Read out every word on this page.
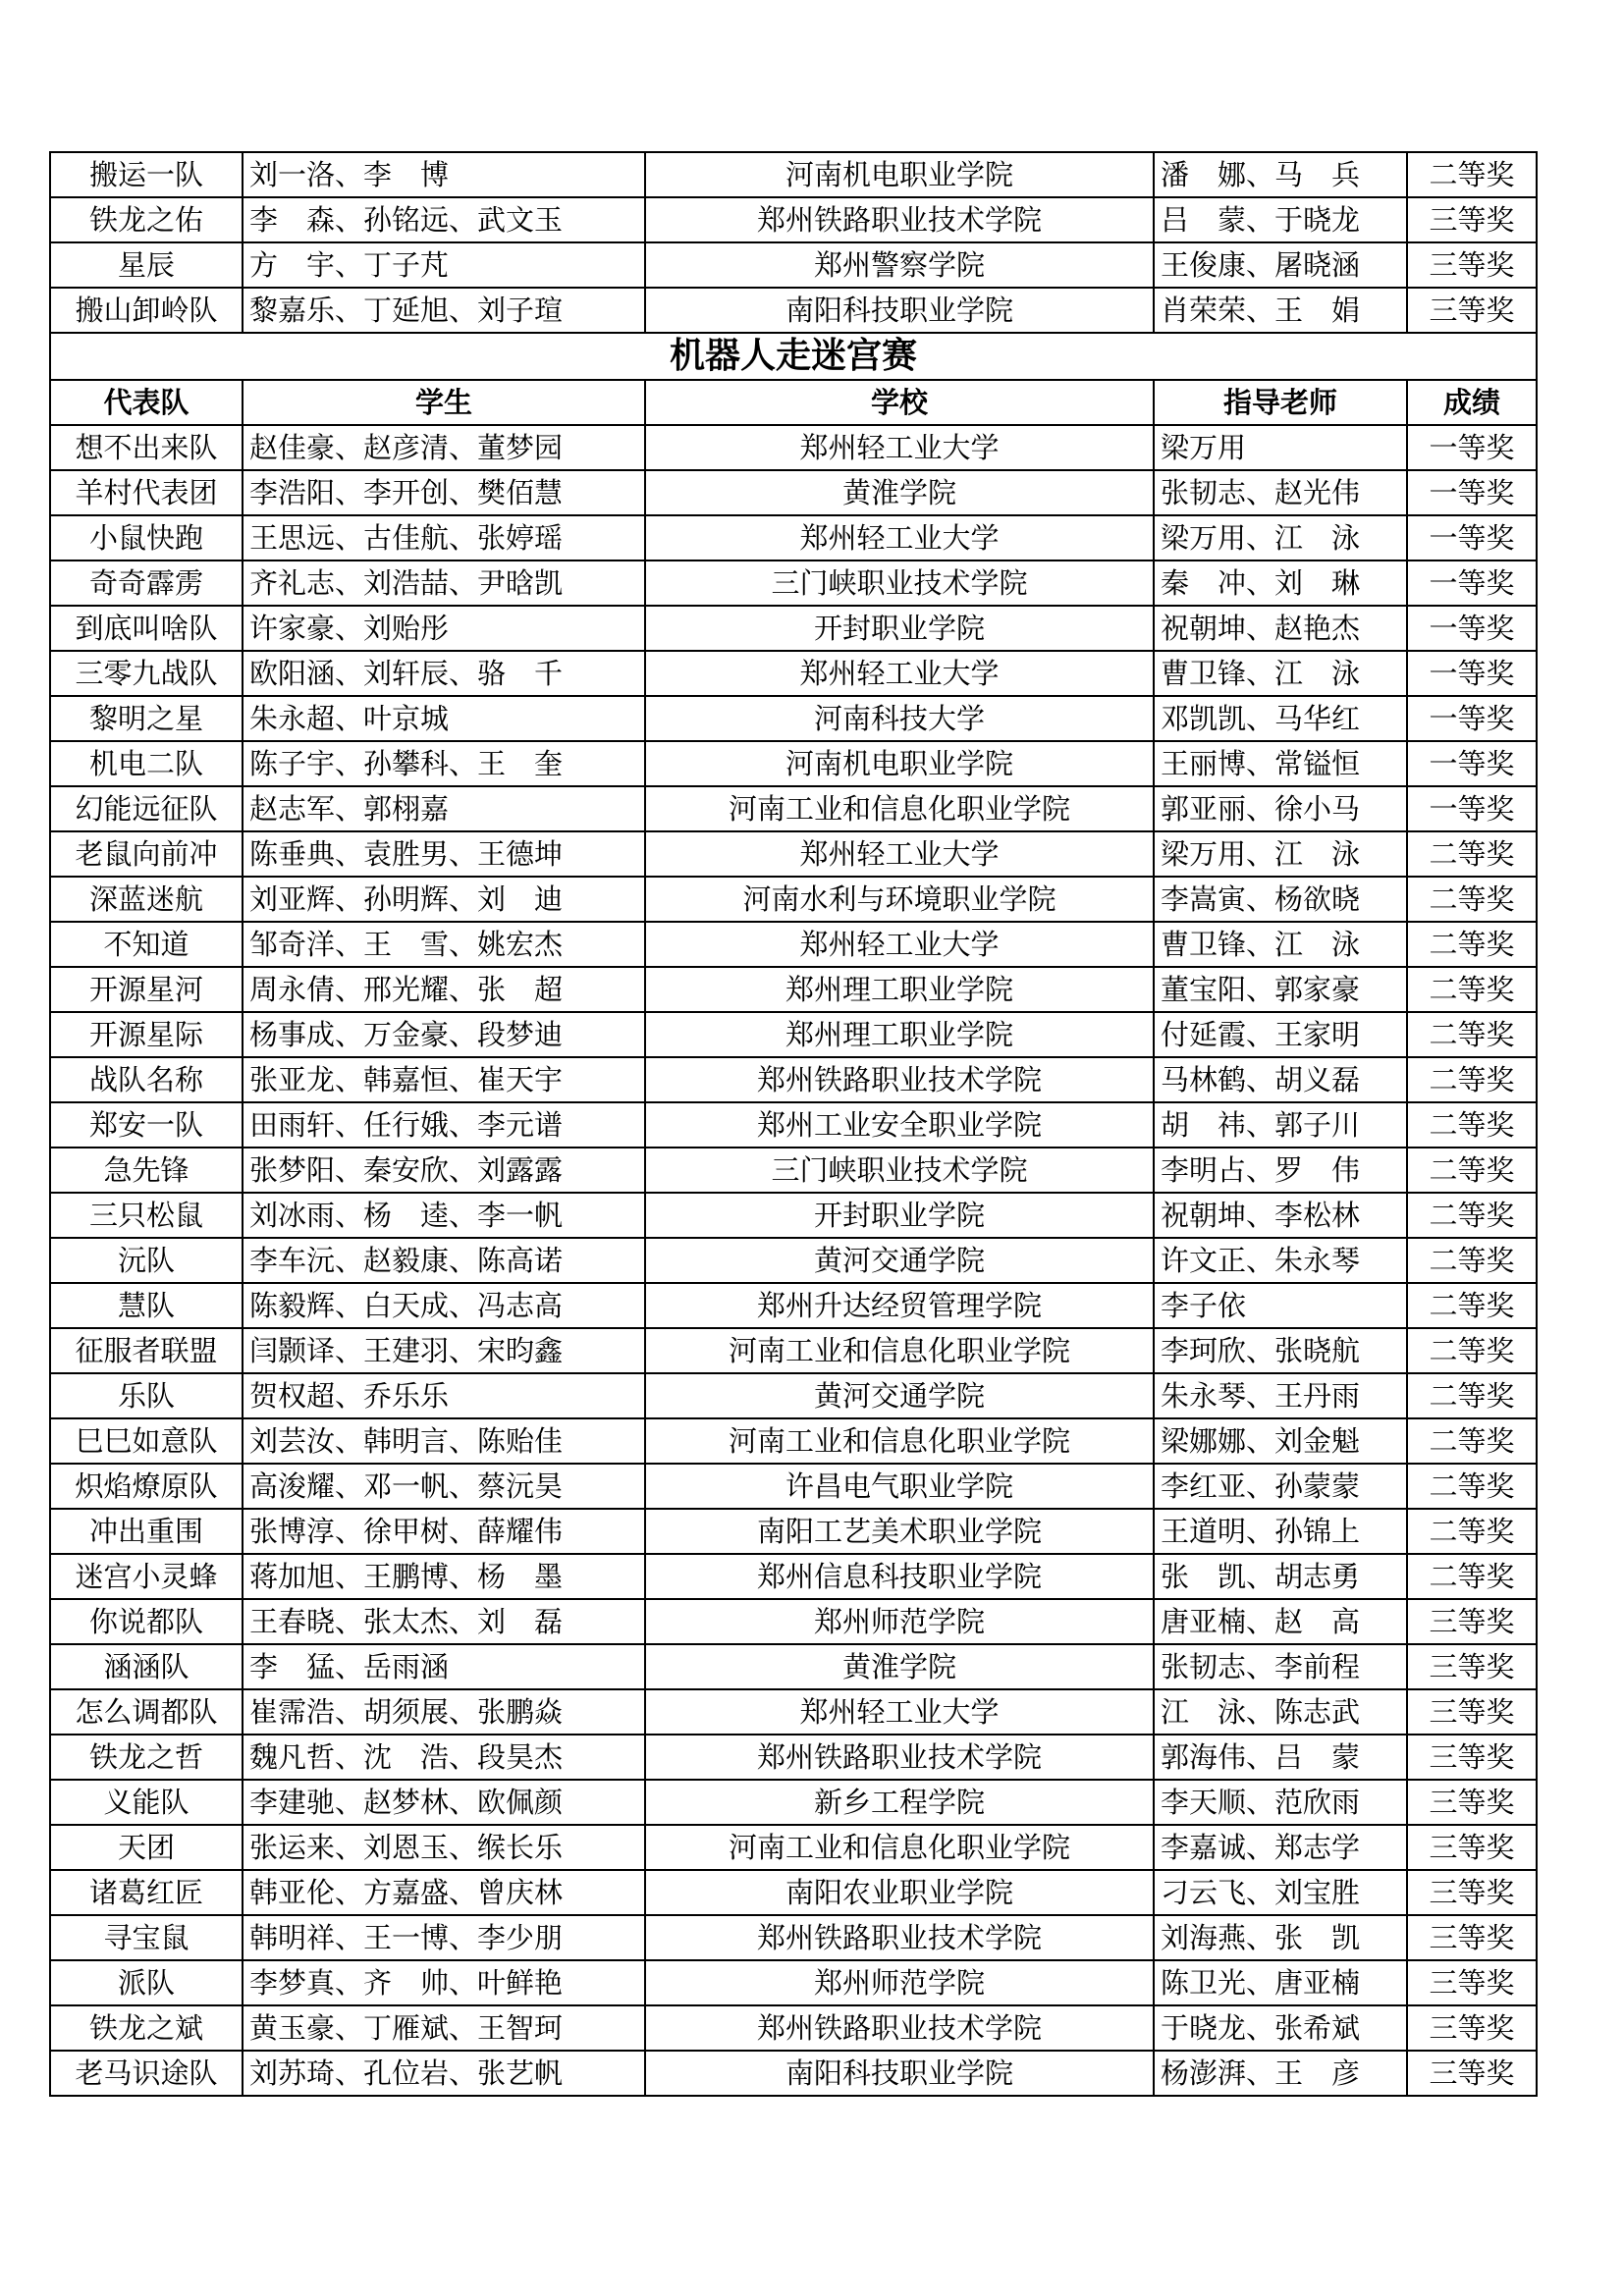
搬运一队	刘一洛、李　博	河南机电职业学院	潘　娜、马　兵	二等奖
铁龙之佑	李　森、孙铭远、武文玉	郑州铁路职业技术学院	吕　蒙、于晓龙	三等奖
星辰	方　宇、丁子芃	郑州警察学院	王俊康、屠晓涵	三等奖
搬山卸岭队	黎嘉乐、丁延旭、刘子瑄	南阳科技职业学院	肖荣荣、王　娟	三等奖
机器人走迷宫赛				
代表队	学生	学校	指导老师	成绩
想不出来队	赵佳豪、赵彦清、董梦园	郑州轻工业大学	梁万用	一等奖
羊村代表团	李浩阳、李开创、樊佰慧	黄淮学院	张韧志、赵光伟	一等奖
小鼠快跑	王思远、古佳航、张婷瑶	郑州轻工业大学	梁万用、江　泳	一等奖
奇奇霹雳	齐礼志、刘浩喆、尹晗凯	三门峡职业技术学院	秦　冲、刘　琳	一等奖
到底叫啥队	许家豪、刘贻彤	开封职业学院	祝朝坤、赵艳杰	一等奖
三零九战队	欧阳涵、刘轩辰、骆　千	郑州轻工业大学	曹卫锋、江　泳	一等奖
黎明之星	朱永超、叶京城	河南科技大学	邓凯凯、马华红	一等奖
机电二队	陈子宇、孙攀科、王　奎	河南机电职业学院	王丽博、常镒恒	一等奖
幻能远征队	赵志军、郭栩嘉	河南工业和信息化职业学院	郭亚丽、徐小马	一等奖
老鼠向前冲	陈垂典、袁胜男、王德坤	郑州轻工业大学	梁万用、江　泳	二等奖
深蓝迷航	刘亚辉、孙明辉、刘　迪	河南水利与环境职业学院	李嵩寅、杨欲晓	二等奖
不知道	邹奇洋、王　雪、姚宏杰	郑州轻工业大学	曹卫锋、江　泳	二等奖
开源星河	周永倩、邢光耀、张　超	郑州理工职业学院	董宝阳、郭家豪	二等奖
开源星际	杨事成、万金豪、段梦迪	郑州理工职业学院	付延霞、王家明	二等奖
战队名称	张亚龙、韩嘉恒、崔天宇	郑州铁路职业技术学院	马林鹤、胡义磊	二等奖
郑安一队	田雨轩、任行娥、李元谱	郑州工业安全职业学院	胡　祎、郭子川	二等奖
急先锋	张梦阳、秦安欣、刘露露	三门峡职业技术学院	李明占、罗　伟	二等奖
三只松鼠	刘冰雨、杨　逵、李一帆	开封职业学院	祝朝坤、李松林	二等奖
沅队	李车沅、赵毅康、陈高诺	黄河交通学院	许文正、朱永琴	二等奖
慧队	陈毅辉、白天成、冯志高	郑州升达经贸管理学院	李子依	二等奖
征服者联盟	闫颢译、王建羽、宋昀鑫	河南工业和信息化职业学院	李珂欣、张晓航	二等奖
乐队	贺权超、乔乐乐	黄河交通学院	朱永琴、王丹雨	二等奖
巳巳如意队	刘芸汝、韩明言、陈贻佳	河南工业和信息化职业学院	梁娜娜、刘金魁	二等奖
炽焰燎原队	高浚耀、邓一帆、蔡沅昊	许昌电气职业学院	李红亚、孙蒙蒙	二等奖
冲出重围	张博淳、徐甲树、薛耀伟	南阳工艺美术职业学院	王道明、孙锦上	二等奖
迷宫小灵蜂	蒋加旭、王鹏博、杨　墨	郑州信息科技职业学院	张　凯、胡志勇	二等奖
你说都队	王春晓、张太杰、刘　磊	郑州师范学院	唐亚楠、赵　高	三等奖
涵涵队	李　猛、岳雨涵	黄淮学院	张韧志、李前程	三等奖
怎么调都队	崔霈浩、胡须展、张鹏焱	郑州轻工业大学	江　泳、陈志武	三等奖
铁龙之哲	魏凡哲、沈　浩、段昊杰	郑州铁路职业技术学院	郭海伟、吕　蒙	三等奖
义能队	李建驰、赵梦林、欧佩颜	新乡工程学院	李天顺、范欣雨	三等奖
天团	张运来、刘恩玉、缑长乐	河南工业和信息化职业学院	李嘉诚、郑志学	三等奖
诸葛红匠	韩亚伦、方嘉盛、曾庆林	南阳农业职业学院	刁云飞、刘宝胜	三等奖
寻宝鼠	韩明祥、王一博、李少朋	郑州铁路职业技术学院	刘海燕、张　凯	三等奖
派队	李梦真、齐　帅、叶鲜艳	郑州师范学院	陈卫光、唐亚楠	三等奖
铁龙之斌	黄玉豪、丁雁斌、王智珂	郑州铁路职业技术学院	于晓龙、张希斌	三等奖
老马识途队	刘苏琦、孔位岩、张艺帆	南阳科技职业学院	杨澎湃、王　彦	三等奖
